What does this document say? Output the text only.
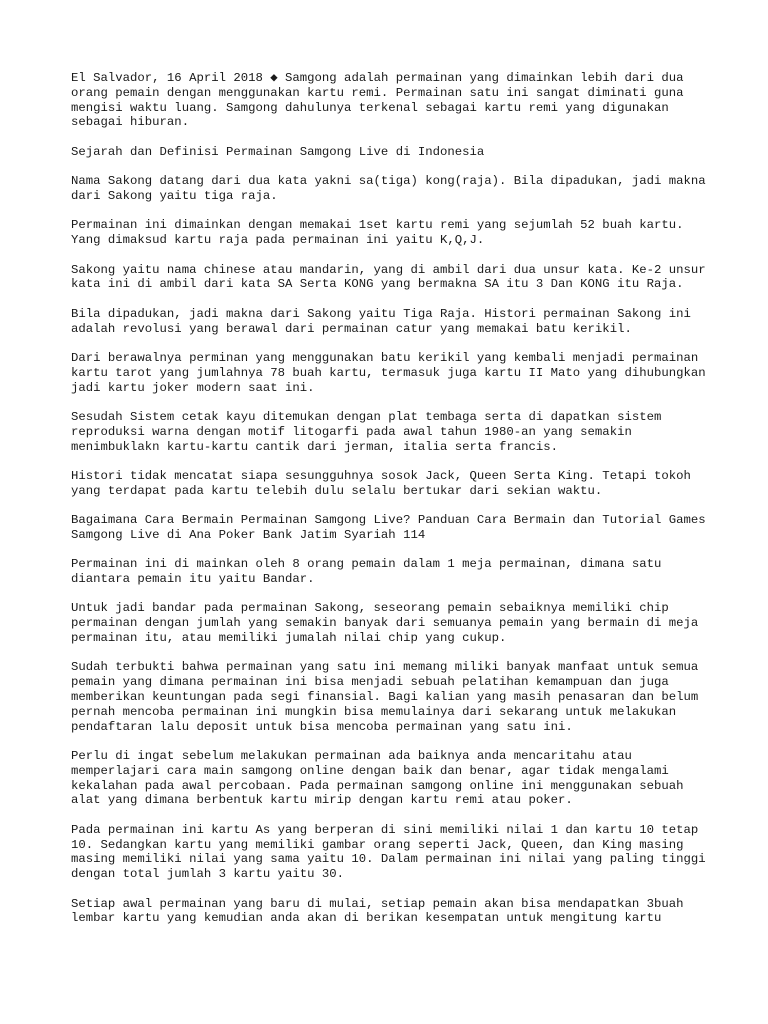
El Salvador, 16 April 2018 ◆ Samgong adalah permainan yang dimainkan lebih dari dua orang pemain dengan menggunakan kartu remi. Permainan satu ini sangat diminati guna mengisi waktu luang. Samgong dahulunya terkenal sebagai kartu remi yang digunakan sebagai hiburan.

Sejarah dan Definisi Permainan Samgong Live di Indonesia

Nama Sakong datang dari dua kata yakni sa(tiga) kong(raja). Bila dipadukan, jadi makna dari Sakong yaitu tiga raja.

Permainan ini dimainkan dengan memakai 1set kartu remi yang sejumlah 52 buah kartu. Yang dimaksud kartu raja pada permainan ini yaitu K,Q,J.

Sakong yaitu nama chinese atau mandarin, yang di ambil dari dua unsur kata. Ke-2 unsur kata ini di ambil dari kata SA Serta KONG yang bermakna SA itu 3 Dan KONG itu Raja.

Bila dipadukan, jadi makna dari Sakong yaitu Tiga Raja. Histori permainan Sakong ini adalah revolusi yang berawal dari permainan catur yang memakai batu kerikil.

Dari berawalnya perminan yang menggunakan batu kerikil yang kembali menjadi permainan kartu tarot yang jumlahnya 78 buah kartu, termasuk juga kartu II Mato yang dihubungkan jadi kartu joker modern saat ini.

Sesudah Sistem cetak kayu ditemukan dengan plat tembaga serta di dapatkan sistem reproduksi warna dengan motif litogarfi pada awal tahun 1980-an yang semakin menimbuklakn kartu-kartu cantik dari jerman, italia serta francis.

Histori tidak mencatat siapa sesungguhnya sosok Jack, Queen Serta King. Tetapi tokoh yang terdapat pada kartu telebih dulu selalu bertukar dari sekian waktu.

Bagaimana Cara Bermain Permainan Samgong Live? Panduan Cara Bermain dan Tutorial Games Samgong Live di Ana Poker Bank Jatim Syariah 114

Permainan ini di mainkan oleh 8 orang pemain dalam 1 meja permainan, dimana satu diantara pemain itu yaitu Bandar.

Untuk jadi bandar pada permainan Sakong, seseorang pemain sebaiknya memiliki chip permainan dengan jumlah yang semakin banyak dari semuanya pemain yang bermain di meja permainan itu, atau memiliki jumalah nilai chip yang cukup.

Sudah terbukti bahwa permainan yang satu ini memang miliki banyak manfaat untuk semua pemain yang dimana permainan ini bisa menjadi sebuah pelatihan kemampuan dan juga memberikan keuntungan pada segi finansial. Bagi kalian yang masih penasaran dan belum pernah mencoba permainan ini mungkin bisa memulainya dari sekarang untuk melakukan pendaftaran lalu deposit untuk bisa mencoba permainan yang satu ini.

Perlu di ingat sebelum melakukan permainan ada baiknya anda mencaritahu atau memperlajari cara main samgong online dengan baik dan benar, agar tidak mengalami kekalahan pada awal percobaan. Pada permainan samgong online ini menggunakan sebuah alat yang dimana berbentuk kartu mirip dengan kartu remi atau poker.

Pada permainan ini kartu As yang berperan di sini memiliki nilai 1 dan kartu 10 tetap 10. Sedangkan kartu yang memiliki gambar orang seperti Jack, Queen, dan King masing masing memiliki nilai yang sama yaitu 10. Dalam permainan ini nilai yang paling tinggi dengan total jumlah 3 kartu yaitu 30.

Setiap awal permainan yang baru di mulai, setiap pemain akan bisa mendapatkan 3buah lembar kartu yang kemudian anda akan di berikan kesempatan untuk mengitung kartu
